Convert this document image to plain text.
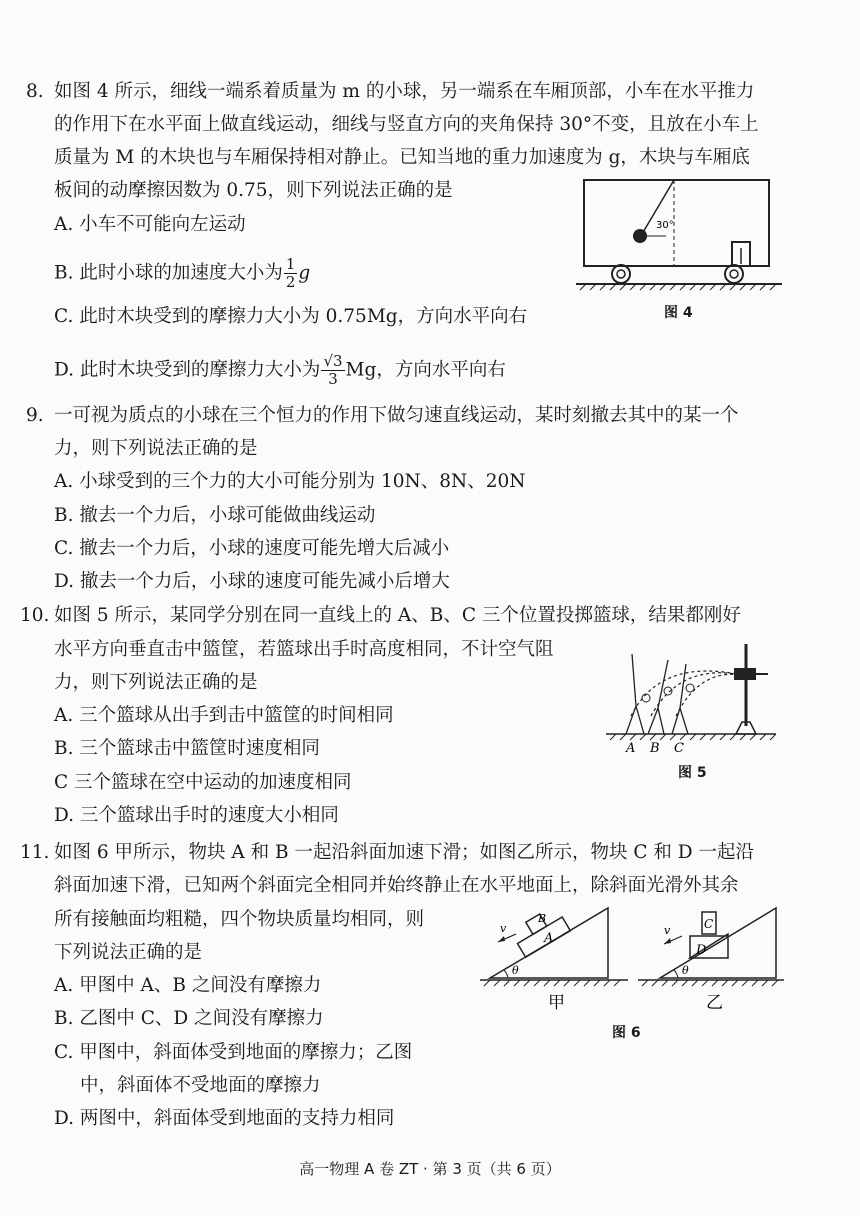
8. 如图 4 所示，细线一端系着质量为 m 的小球，另一端系在车厢顶部，小车在水平推力
的作用下在水平面上做直线运动，细线与竖直方向的夹角保持 30°不变，且放在小车上
质量为 M 的木块也与车厢保持相对静止。已知当地的重力加速度为 g，木块与车厢底
板间的动摩擦因数为 0.75，则下列说法正确的是
A. 小车不可能向左运动
B. 此时小球的加速度大小为 $\frac{1}{2}$ g
C. 此时木块受到的摩擦力大小为 0.75Mg，方向水平向右
D. 此时木块受到的摩擦力大小为 $\frac{√3}{3}$ Mg，方向水平向右
30°
图 4
9. 一可视为质点的小球在三个恒力的作用下做匀速直线运动，某时刻撤去其中的某一个
力，则下列说法正确的是
A. 小球受到的三个力的大小可能分别为 10N、8N、20N
B. 撤去一个力后，小球可能做曲线运动
C. 撤去一个力后，小球的速度可能先增大后减小
D. 撤去一个力后，小球的速度可能先减小后增大
10. 如图 5 所示，某同学分别在同一直线上的 A、B、C 三个位置投掷篮球，结果都刚好
水平方向垂直击中篮筐，若篮球出手时高度相同，不计空气阻
力，则下列说法正确的是
A. 三个篮球从出手到击中篮筐的时间相同
B. 三个篮球击中篮筐时速度相同
C 三个篮球在空中运动的加速度相同
D. 三个篮球出手时的速度大小相同
A B C
图 5
11. 如图 6 甲所示，物块 A 和 B 一起沿斜面加速下滑；如图乙所示，物块 C 和 D 一起沿
斜面加速下滑，已知两个斜面完全相同并始终静止在水平地面上，除斜面光滑外其余
所有接触面均粗糙，四个物块质量均相同，则
下列说法正确的是
A. 甲图中 A、B 之间没有摩擦力
B. 乙图中 C、D 之间没有摩擦力
C. 甲图中，斜面体受到地面的摩擦力；乙图
中，斜面体不受地面的摩擦力
D. 两图中，斜面体受到地面的支持力相同
A
B
v
θ
甲
C
D
v
θ
乙
图 6
高一物理 A 卷 ZT · 第 3 页（共 6 页）
